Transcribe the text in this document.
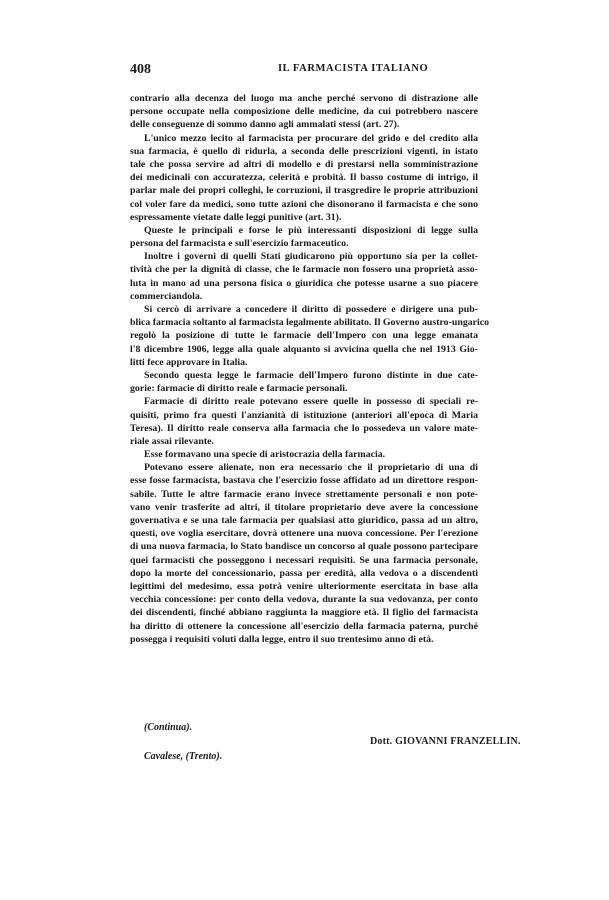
408	IL FARMACISTA ITALIANO
contrario alla decenza del luogo ma anche perché servono di distrazione alle
persone occupate nella composizione delle medicine, da cui potrebbero nascere
delle conseguenze di sommo danno agli ammalati stessi (art. 27).
L'unico mezzo lecito al farmacista per procurare del grido e del credito alla
sua farmacia, è quello di ridurla, a seconda delle prescrizioni vigenti, in istato
tale che possa servire ad altri di modello e di prestarsi nella somministrazione
dei medicinali con accuratezza, celerità e probità. Il basso costume di intrigo, il
parlar male dei propri colleghi, le corruzioni, il trasgredire le proprie attribuzioni
col voler fare da medici, sono tutte azioni che disonorano il farmacista e che sono
espressamente vietate dalle leggi punitive (art. 31).
Queste le principali e forse le più interessanti disposizioni di legge sulla
persona del farmacista e sull'esercizio farmaceutico.
Inoltre i governi di quelli Stati giudicarono più opportuno sia per la collet-
tività che per la dignità di classe, che le farmacie non fossero una proprietà asso-
luta in mano ad una persona fisica o giuridica che potesse usarne a suo piacere
commerciandola.
Si cercò di arrivare a concedere il diritto di possedere e dirigere una pub-
blica farmacia soltanto al farmacista legalmente abilitato. Il Governo austro-ungarico
regolò la posizione di tutte le farmacie dell'Impero con una legge emanata
l'8 dicembre 1906, legge alla quale alquanto si avvicina quella che nel 1913 Gio-
litti fece approvare in Italia.
Secondo questa legge le farmacie dell'Impero furono distinte in due cate-
gorie: farmacie di diritto reale e farmacie personali.
Farmacie di diritto reale potevano essere quelle in possesso di speciali re-
quisiti, primo fra questi l'anzianità di istituzione (anteriori all'epoca di Maria
Teresa). Il diritto reale conserva alla farmacia che lo possedeva un valore mate-
riale assai rilevante.
Esse formavano una specie di aristocrazia della farmacia.
Potevano essere alienate, non era necessario che il proprietario di una di
esse fosse farmacista, bastava che l'esercizio fosse affidato ad un direttore respon-
sabile. Tutte le altre farmacie erano invece strettamente personali e non pote-
vano venir trasferite ad altri, il titolare proprietario deve avere la concessione
governativa e se una tale farmacia per qualsiasi atto giuridico, passa ad un altro,
questi, ove voglia esercitare, dovrà ottenere una nuova concessione. Per l'erezione
di una nuova farmacia, lo Stato bandisce un concorso al quale possono partecipare
quei farmacisti che posseggono i necessari requisiti. Se una farmacia personale,
dopo la morte del concessionario, passa per eredità, alla vedova o a discendenti
legittimi del medesimo, essa potrà venire ulteriormente esercitata in base alla
vecchia concessione: per conto della vedova, durante la sua vedovanza, per conto
dei discendenti, finché abbiano raggiunta la maggiore età. Il figlio del farmacista
ha diritto di ottenere la concessione all'esercizio della farmacia paterna, purché
possegga i requisiti voluti dalla legge, entro il suo trentesimo anno di età.
(Continua).
Dott. GIOVANNI FRANZELLIN.
Cavalese, (Trento).
